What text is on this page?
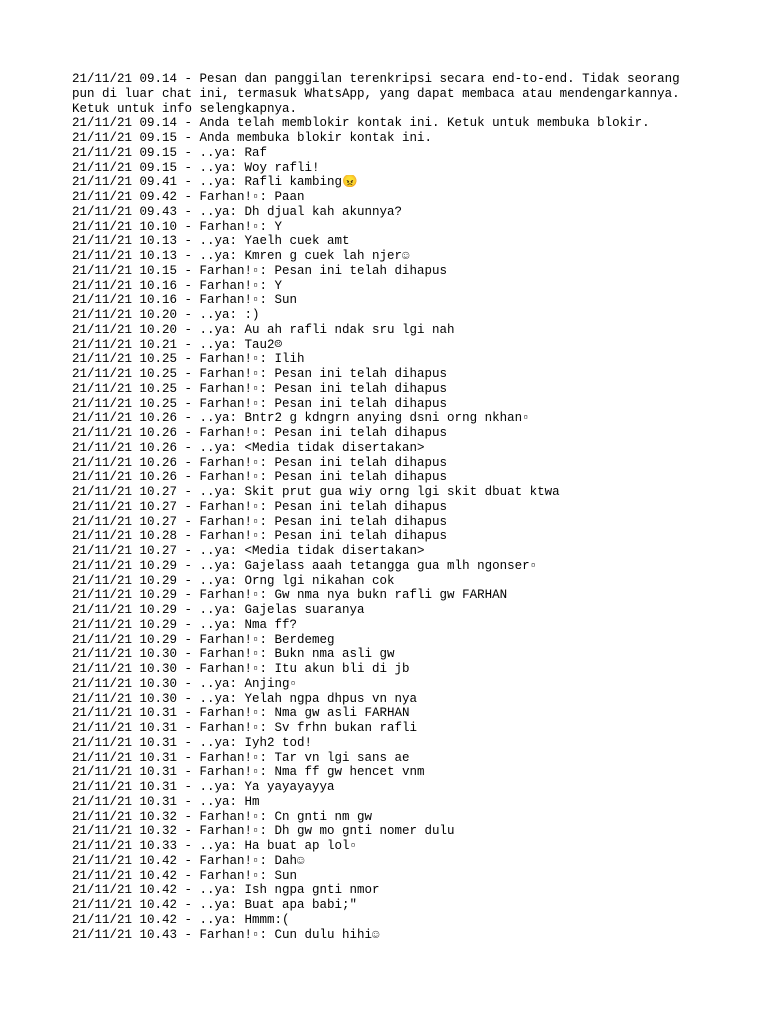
21/11/21 09.14 - Pesan dan panggilan terenkripsi secara end-to-end. Tidak seorang
pun di luar chat ini, termasuk WhatsApp, yang dapat membaca atau mendengarkannya.
Ketuk untuk info selengkapnya.
21/11/21 09.14 - Anda telah memblokir kontak ini. Ketuk untuk membuka blokir.
21/11/21 09.15 - Anda membuka blokir kontak ini.
21/11/21 09.15 - ..ya: Raf
21/11/21 09.15 - ..ya: Woy rafli!
21/11/21 09.41 - ..ya: Rafli kambing😠
21/11/21 09.42 - Farhan!▫: Paan
21/11/21 09.43 - ..ya: Dh djual kah akunnya?
21/11/21 10.10 - Farhan!▫: Y
21/11/21 10.13 - ..ya: Yaelh cuek amt
21/11/21 10.13 - ..ya: Kmren g cuek lah njer☺
21/11/21 10.15 - Farhan!▫: Pesan ini telah dihapus
21/11/21 10.16 - Farhan!▫: Y
21/11/21 10.16 - Farhan!▫: Sun
21/11/21 10.20 - ..ya: :)
21/11/21 10.20 - ..ya: Au ah rafli ndak sru lgi nah
21/11/21 10.21 - ..ya: Tau2☹
21/11/21 10.25 - Farhan!▫: Ilih
21/11/21 10.25 - Farhan!▫: Pesan ini telah dihapus
21/11/21 10.25 - Farhan!▫: Pesan ini telah dihapus
21/11/21 10.25 - Farhan!▫: Pesan ini telah dihapus
21/11/21 10.26 - ..ya: Bntr2 g kdngrn anying dsni orng nkhan▫
21/11/21 10.26 - Farhan!▫: Pesan ini telah dihapus
21/11/21 10.26 - ..ya: <Media tidak disertakan>
21/11/21 10.26 - Farhan!▫: Pesan ini telah dihapus
21/11/21 10.26 - Farhan!▫: Pesan ini telah dihapus
21/11/21 10.27 - ..ya: Skit prut gua wiy orng lgi skit dbuat ktwa
21/11/21 10.27 - Farhan!▫: Pesan ini telah dihapus
21/11/21 10.27 - Farhan!▫: Pesan ini telah dihapus
21/11/21 10.28 - Farhan!▫: Pesan ini telah dihapus
21/11/21 10.27 - ..ya: <Media tidak disertakan>
21/11/21 10.29 - ..ya: Gajelass aaah tetangga gua mlh ngonser▫
21/11/21 10.29 - ..ya: Orng lgi nikahan cok
21/11/21 10.29 - Farhan!▫: Gw nma nya bukn rafli gw FARHAN
21/11/21 10.29 - ..ya: Gajelas suaranya
21/11/21 10.29 - ..ya: Nma ff?
21/11/21 10.29 - Farhan!▫: Berdemeg
21/11/21 10.30 - Farhan!▫: Bukn nma asli gw
21/11/21 10.30 - Farhan!▫: Itu akun bli di jb
21/11/21 10.30 - ..ya: Anjing▫
21/11/21 10.30 - ..ya: Yelah ngpa dhpus vn nya
21/11/21 10.31 - Farhan!▫: Nma gw asli FARHAN
21/11/21 10.31 - Farhan!▫: Sv frhn bukan rafli
21/11/21 10.31 - ..ya: Iyh2 tod!
21/11/21 10.31 - Farhan!▫: Tar vn lgi sans ae
21/11/21 10.31 - Farhan!▫: Nma ff gw hencet vnm
21/11/21 10.31 - ..ya: Ya yayayayya
21/11/21 10.31 - ..ya: Hm
21/11/21 10.32 - Farhan!▫: Cn gnti nm gw
21/11/21 10.32 - Farhan!▫: Dh gw mo gnti nomer dulu
21/11/21 10.33 - ..ya: Ha buat ap lol▫
21/11/21 10.42 - Farhan!▫: Dah☺
21/11/21 10.42 - Farhan!▫: Sun
21/11/21 10.42 - ..ya: Ish ngpa gnti nmor
21/11/21 10.42 - ..ya: Buat apa babi;"
21/11/21 10.42 - ..ya: Hmmm:(
21/11/21 10.43 - Farhan!▫: Cun dulu hihi☺
